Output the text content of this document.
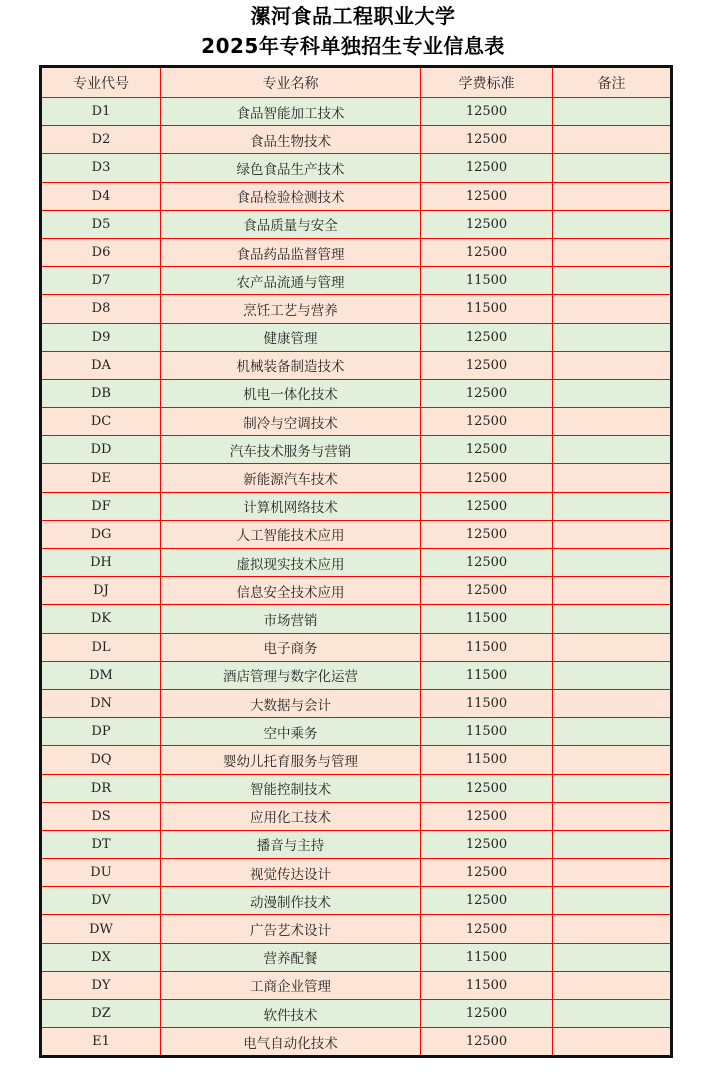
漯河食品工程职业大学
2025年专科单独招生专业信息表
专业代号	专业名称	学费标准	备注
D1	食品智能加工技术	12500	
D2	食品生物技术	12500	
D3	绿色食品生产技术	12500	
D4	食品检验检测技术	12500	
D5	食品质量与安全	12500	
D6	食品药品监督管理	12500	
D7	农产品流通与管理	11500	
D8	烹饪工艺与营养	11500	
D9	健康管理	12500	
DA	机械装备制造技术	12500	
DB	机电一体化技术	12500	
DC	制冷与空调技术	12500	
DD	汽车技术服务与营销	12500	
DE	新能源汽车技术	12500	
DF	计算机网络技术	12500	
DG	人工智能技术应用	12500	
DH	虚拟现实技术应用	12500	
DJ	信息安全技术应用	12500	
DK	市场营销	11500	
DL	电子商务	11500	
DM	酒店管理与数字化运营	11500	
DN	大数据与会计	11500	
DP	空中乘务	11500	
DQ	婴幼儿托育服务与管理	11500	
DR	智能控制技术	12500	
DS	应用化工技术	12500	
DT	播音与主持	12500	
DU	视觉传达设计	12500	
DV	动漫制作技术	12500	
DW	广告艺术设计	12500	
DX	营养配餐	11500	
DY	工商企业管理	11500	
DZ	软件技术	12500	
E1	电气自动化技术	12500	
